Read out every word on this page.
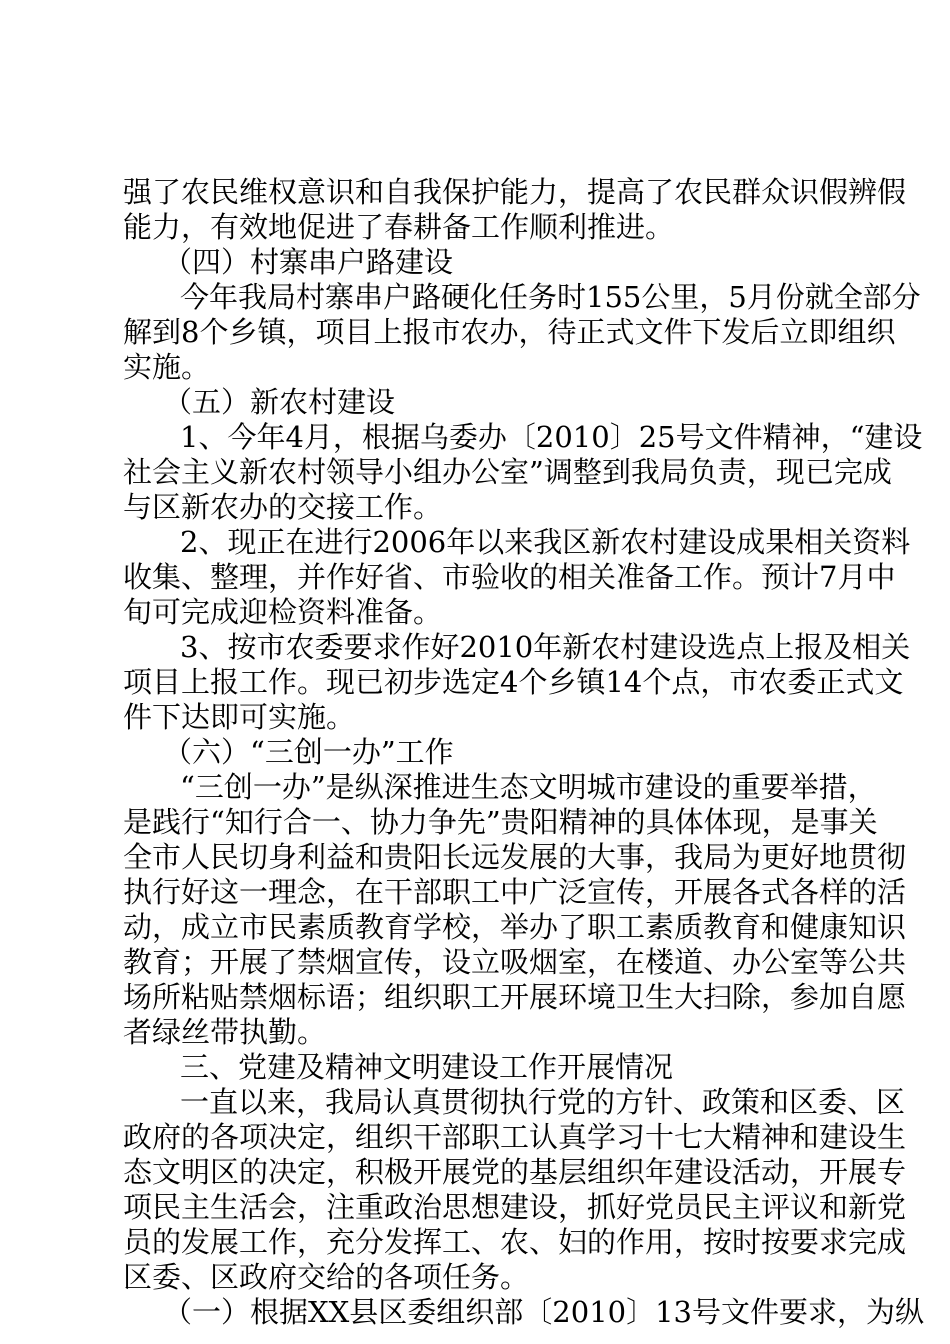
强了农民维权意识和自我保护能力，提高了农民群众识假辨假
能力，有效地促进了春耕备工作顺利推进。
（四）村寨串户路建设
今年我局村寨串户路硬化任务时155公里，5月份就全部分
解到8个乡镇，项目上报市农办，待正式文件下发后立即组织
实施。
（五）新农村建设
1、今年4月，根据乌委办〔2010〕25号文件精神，“建设
社会主义新农村领导小组办公室”调整到我局负责，现已完成
与区新农办的交接工作。
2、现正在进行2006年以来我区新农村建设成果相关资料
收集、整理，并作好省、市验收的相关准备工作。预计7月中
旬可完成迎检资料准备。
3、按市农委要求作好2010年新农村建设选点上报及相关
项目上报工作。现已初步选定4个乡镇14个点，市农委正式文
件下达即可实施。
（六）“三创一办”工作
“三创一办”是纵深推进生态文明城市建设的重要举措，
是践行“知行合一、协力争先”贵阳精神的具体体现，是事关
全市人民切身利益和贵阳长远发展的大事，我局为更好地贯彻
执行好这一理念，在干部职工中广泛宣传，开展各式各样的活
动，成立市民素质教育学校，举办了职工素质教育和健康知识
教育；开展了禁烟宣传，设立吸烟室，在楼道、办公室等公共
场所粘贴禁烟标语；组织职工开展环境卫生大扫除，参加自愿
者绿丝带执勤。
三、党建及精神文明建设工作开展情况
一直以来，我局认真贯彻执行党的方针、政策和区委、区
政府的各项决定，组织干部职工认真学习十七大精神和建设生
态文明区的决定，积极开展党的基层组织年建设活动，开展专
项民主生活会，注重政治思想建设，抓好党员民主评议和新党
员的发展工作，充分发挥工、农、妇的作用，按时按要求完成
区委、区政府交给的各项任务。
（一）根据XX县区委组织部〔2010〕13号文件要求，为纵
